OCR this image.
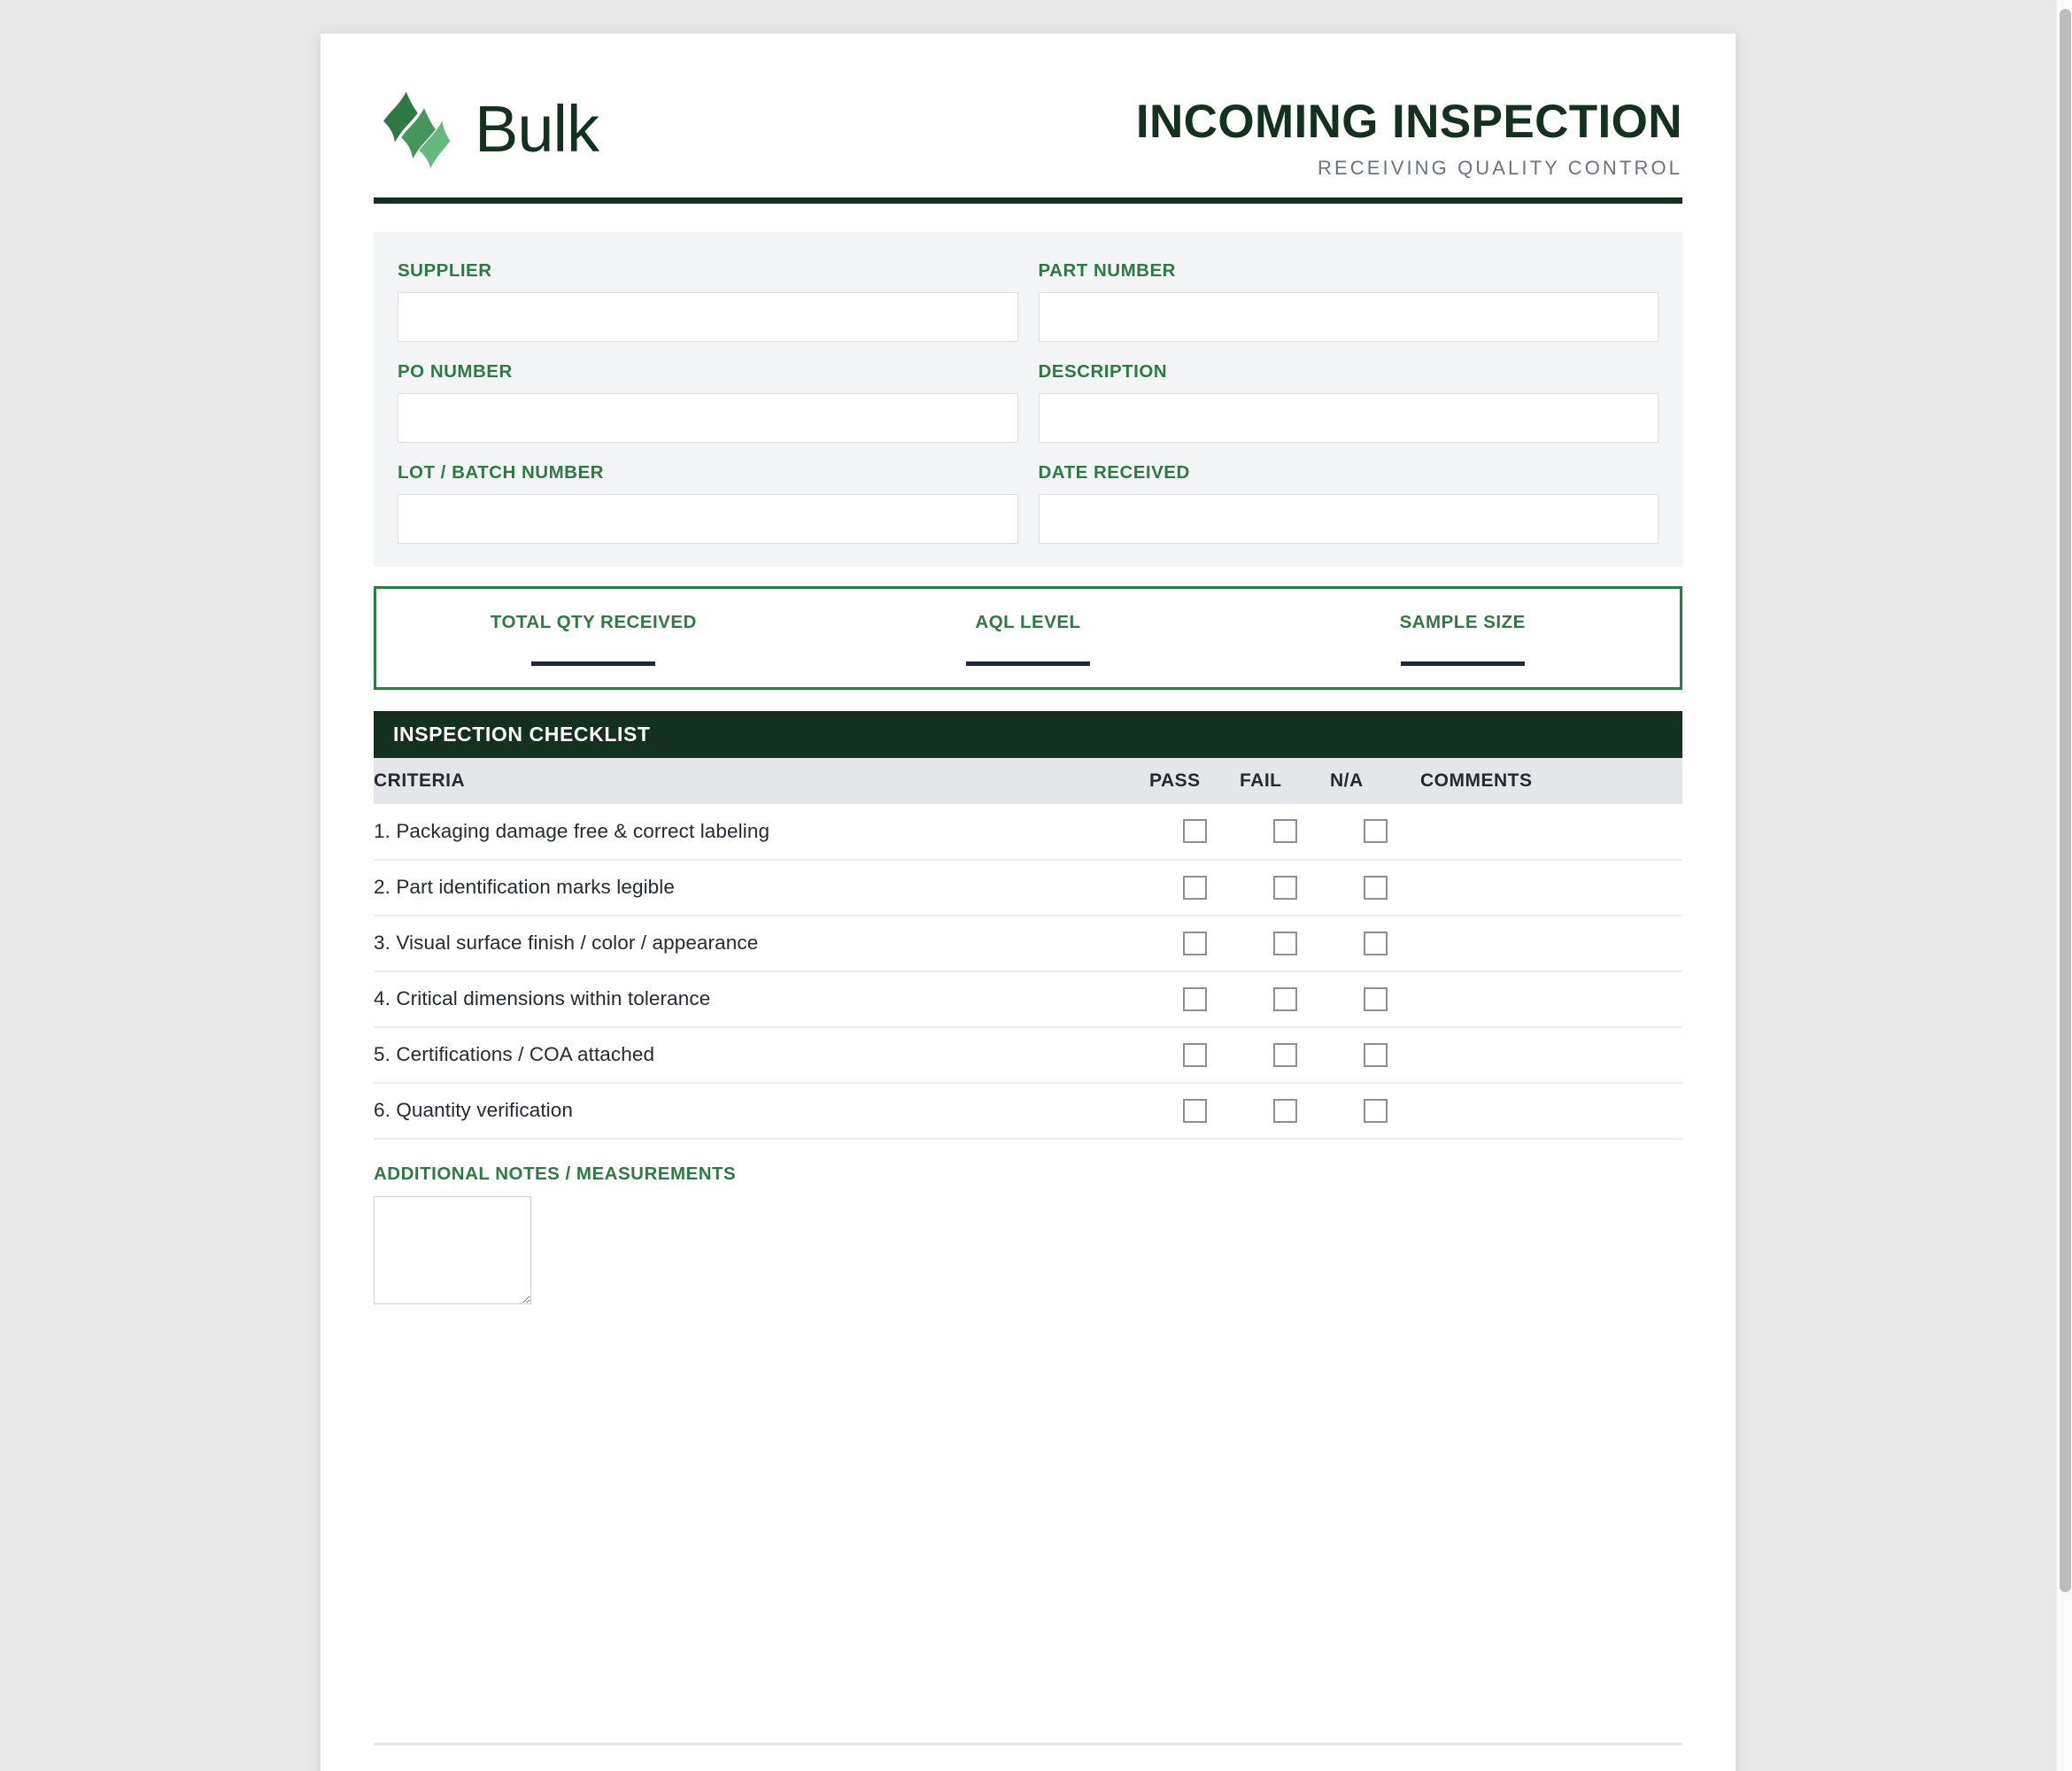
Bulk	INCOMING INSPECTION
RECEIVING QUALITY CONTROL
SUPPLIER	PART NUMBER
PO NUMBER	DESCRIPTION
LOT / BATCH NUMBER	DATE RECEIVED
TOTAL QTY RECEIVED	AQL LEVEL	SAMPLE SIZE
INSPECTION CHECKLIST
CRITERIA	PASS	FAIL	N/A	COMMENTS
1. Packaging damage free & correct labeling				
2. Part identification marks legible				
3. Visual surface finish / color / appearance				
4. Critical dimensions within tolerance				
5. Certifications / COA attached				
6. Quantity verification				
ADDITIONAL NOTES / MEASUREMENTS
